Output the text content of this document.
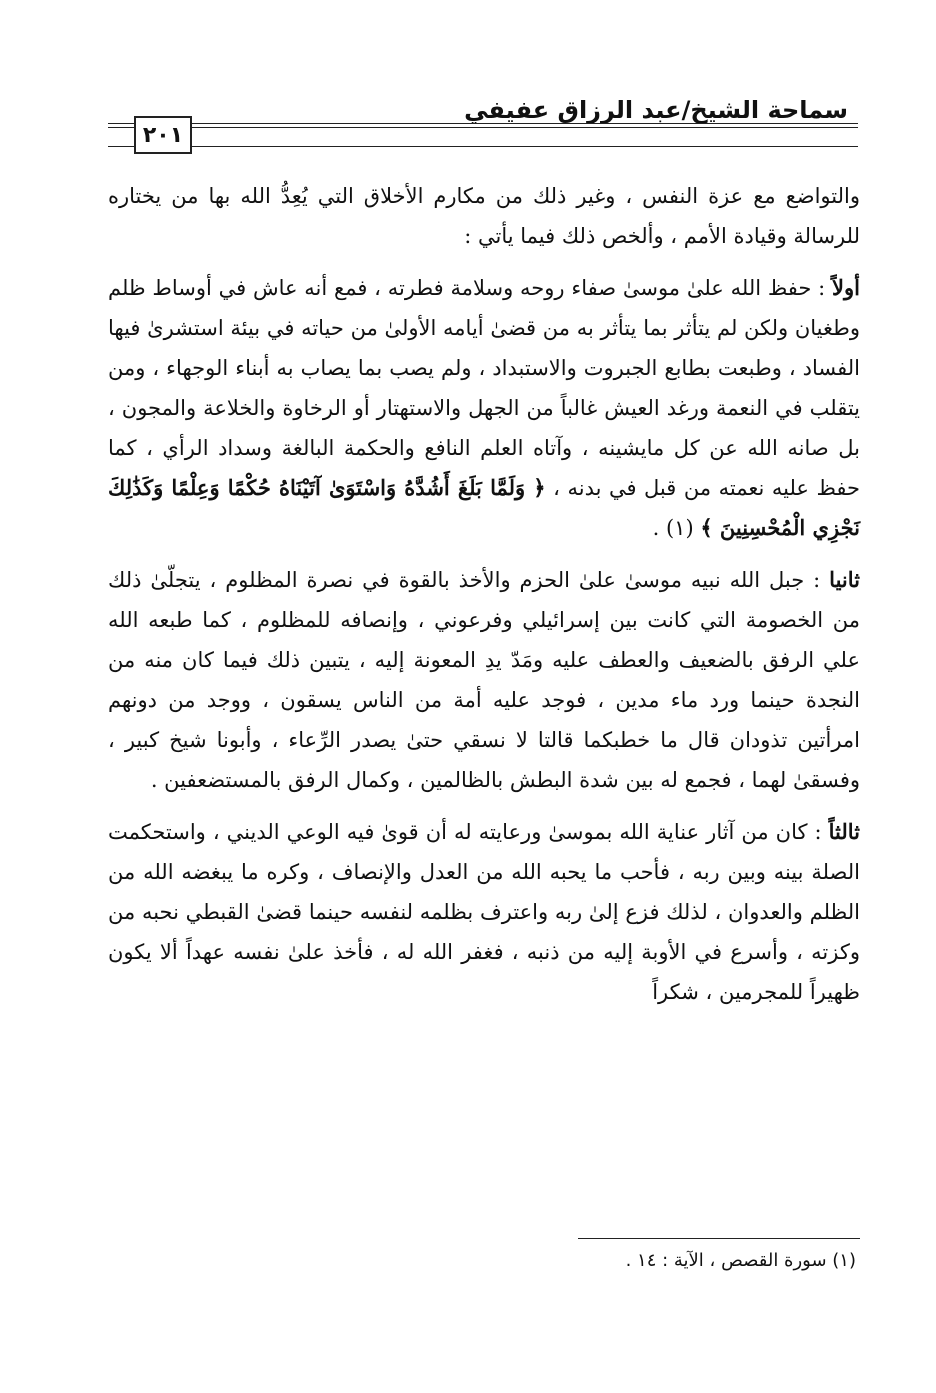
سماحة الشيخ/عبد الرزاق عفيفي
٢٠١

والتواضع مع عزة النفس ، وغير ذلك من مكارم الأخلاق التي يُعِدُّ الله بها من يختاره للرسالة وقيادة الأمم ، وألخص ذلك فيما يأتي :

أولاً : حفظ الله علىٰ موسىٰ صفاء روحه وسلامة فطرته ، فمع أنه عاش في أوساط ظلم وطغيان ولكن لم يتأثر بما يتأثر به من قضىٰ أيامه الأولىٰ من حياته في بيئة استشرىٰ فيها الفساد ، وطبعت بطابع الجبروت والاستبداد ، ولم يصب بما يصاب به أبناء الوجهاء ، ومن يتقلب في النعمة ورغد العيش غالباً من الجهل والاستهتار أو الرخاوة والخلاعة والمجون ، بل صانه الله عن كل مايشينه ، وآتاه العلم النافع والحكمة البالغة وسداد الرأي ، كما حفظ عليه نعمته من قبل في بدنه ، ﴿ وَلَمَّا بَلَغَ أَشُدَّهُ وَاسْتَوَىٰ آتَيْنَاهُ حُكْمًا وَعِلْمًا وَكَذَٰلِكَ نَجْزِي الْمُحْسِنِينَ ﴾ (١) .

ثانيا : جبل الله نبيه موسىٰ علىٰ الحزم والأخذ بالقوة في نصرة المظلوم ، يتجلّىٰ ذلك من الخصومة التي كانت بين إسرائيلي وفرعوني ، وإنصافه للمظلوم ، كما طبعه الله علي الرفق بالضعيف والعطف عليه ومَدّ يدِ المعونة إليه ، يتبين ذلك فيما كان منه من النجدة حينما ورد ماء مدين ، فوجد عليه أمة من الناس يسقون ، ووجد من دونهم امرأتين تذودان قال ما خطبكما قالتا لا نسقي حتىٰ يصدر الرِّعاء ، وأبونا شيخ كبير ، وفسقىٰ لهما ، فجمع له بين شدة البطش بالظالمين ، وكمال الرفق بالمستضعفين .

ثالثاً : كان من آثار عناية الله بموسىٰ ورعايته له أن قوىٰ فيه الوعي الديني ، واستحكمت الصلة بينه وبين ربه ، فأحب ما يحبه الله من العدل والإنصاف ، وكره ما يبغضه الله من الظلم والعدوان ، لذلك فزع إلىٰ ربه واعترف بظلمه لنفسه حينما قضىٰ القبطي نحبه من وكزته ، وأسرع في الأوبة إليه من ذنبه ، فغفر الله له ، فأخذ علىٰ نفسه عهداً ألا يكون ظهيراً للمجرمين ، شكراً

(١) سورة القصص ، الآية : ١٤ .
